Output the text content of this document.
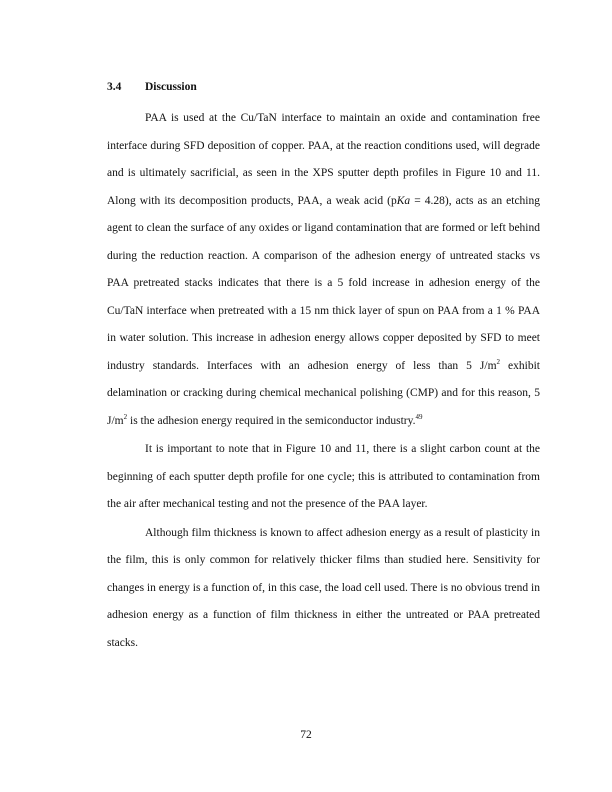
3.4 Discussion

PAA is used at the Cu/TaN interface to maintain an oxide and contamination free interface during SFD deposition of copper. PAA, at the reaction conditions used, will degrade and is ultimately sacrificial, as seen in the XPS sputter depth profiles in Figure 10 and 11. Along with its decomposition products, PAA, a weak acid (pKa = 4.28), acts as an etching agent to clean the surface of any oxides or ligand contamination that are formed or left behind during the reduction reaction. A comparison of the adhesion energy of untreated stacks vs PAA pretreated stacks indicates that there is a 5 fold increase in adhesion energy of the Cu/TaN interface when pretreated with a 15 nm thick layer of spun on PAA from a 1 % PAA in water solution. This increase in adhesion energy allows copper deposited by SFD to meet industry standards. Interfaces with an adhesion energy of less than 5 $J/m^2$ exhibit delamination or cracking during chemical mechanical polishing (CMP) and for this reason, 5 $J/m^2$ is the adhesion energy required in the semiconductor industry.$^{49}$

It is important to note that in Figure 10 and 11, there is a slight carbon count at the beginning of each sputter depth profile for one cycle; this is attributed to contamination from the air after mechanical testing and not the presence of the PAA layer.

Although film thickness is known to affect adhesion energy as a result of plasticity in the film, this is only common for relatively thicker films than studied here. Sensitivity for changes in energy is a function of, in this case, the load cell used. There is no obvious trend in adhesion energy as a function of film thickness in either the untreated or PAA pretreated stacks.

72
